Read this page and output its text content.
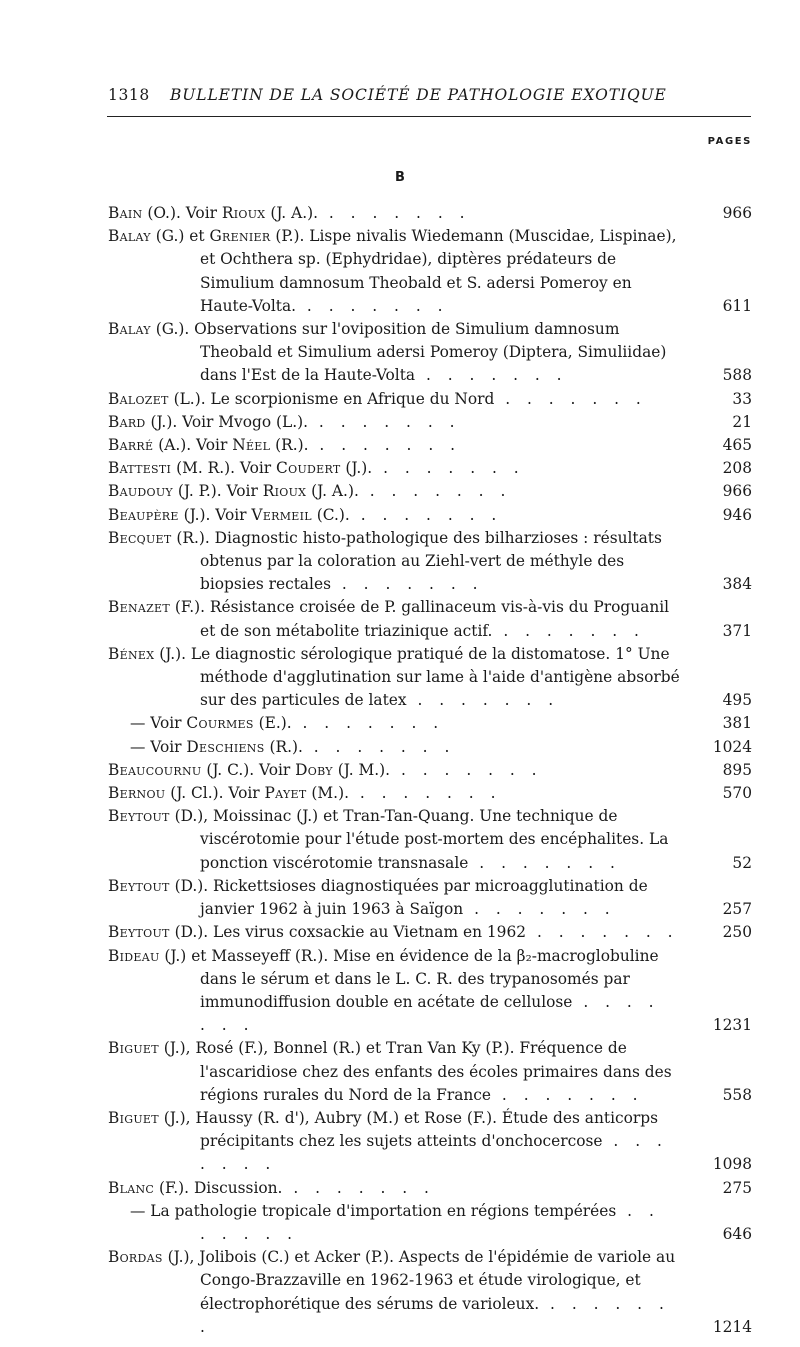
1318	BULLETIN DE LA SOCIÉTÉ DE PATHOLOGIE EXOTIQUE
PAGES
B
Bain (O.). Voir Rioux (J. A.). . . . . . . .	966
Balay (G.) et Grenier (P.). Lispe nivalis Wiedemann (Muscidae, Lispinae), et Ochthera sp. (Ephydridae), diptères prédateurs de Simulium damnosum Theobald et S. adersi Pomeroy en Haute-Volta. . . . . . . .	611
Balay (G.). Observations sur l'oviposition de Simulium damnosum Theobald et Simulium adersi Pomeroy (Diptera, Simuliidae) dans l'Est de la Haute-Volta . . . . . . .	588
Balozet (L.). Le scorpionisme en Afrique du Nord . . . . . . .	33
Bard (J.). Voir Mvogo (L.). . . . . . . .	21
Barré (A.). Voir Néel (R.). . . . . . . .	465
Battesti (M. R.). Voir Coudert (J.). . . . . . . .	208
Baudouy (J. P.). Voir Rioux (J. A.). . . . . . . .	966
Beaupère (J.). Voir Vermeil (C.). . . . . . . .	946
Becquet (R.). Diagnostic histo-pathologique des bilharzioses : résultats obtenus par la coloration au Ziehl-vert de méthyle des biopsies rectales . . . . . . .	384
Benazet (F.). Résistance croisée de P. gallinaceum vis-à-vis du Proguanil et de son métabolite triazinique actif. . . . . . . .	371
Bénex (J.). Le diagnostic sérologique pratiqué de la distomatose. 1° Une méthode d'agglutination sur lame à l'aide d'antigène absorbé sur des particules de latex . . . . . . .	495
— Voir Courmes (E.). . . . . . . .	381
— Voir Deschiens (R.). . . . . . . .	1024
Beaucournu (J. C.). Voir Doby (J. M.). . . . . . . .	895
Bernou (J. Cl.). Voir Payet (M.). . . . . . . .	570
Beytout (D.), Moissinac (J.) et Tran-Tan-Quang. Une technique de viscérotomie pour l'étude post-mortem des encéphalites. La ponction viscérotomie transnasale . . . . . . .	52
Beytout (D.). Rickettsioses diagnostiquées par microagglutination de janvier 1962 à juin 1963 à Saïgon . . . . . . .	257
Beytout (D.). Les virus coxsackie au Vietnam en 1962 . . . . . . .	250
Bideau (J.) et Masseyeff (R.). Mise en évidence de la β₂-macroglobuline dans le sérum et dans le L. C. R. des trypanosomés par immunodiffusion double en acétate de cellulose . . . . . . .	1231
Biguet (J.), Rosé (F.), Bonnel (R.) et Tran Van Ky (P.). Fréquence de l'ascaridiose chez des enfants des écoles primaires dans des régions rurales du Nord de la France . . . . . . .	558
Biguet (J.), Haussy (R. d'), Aubry (M.) et Rose (F.). Étude des anticorps précipitants chez les sujets atteints d'onchocercose . . . . . . .	1098
Blanc (F.). Discussion. . . . . . . .	275
— La pathologie tropicale d'importation en régions tempérées . . . . . . .	646
Bordas (J.), Jolibois (C.) et Acker (P.). Aspects de l'épidémie de variole au Congo-Brazzaville en 1962-1963 et étude virologique, et électrophorétique des sérums de varioleux. . . . . . . .	1214
